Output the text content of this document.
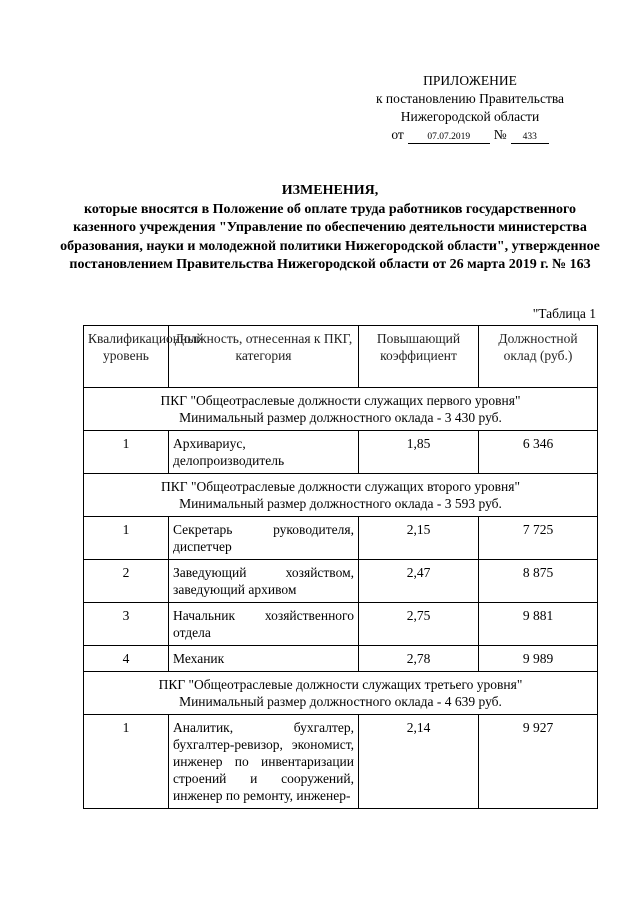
ПРИЛОЖЕНИЕ
к постановлению Правительства
Нижегородской области
от	07.07.2019	№	433
ИЗМЕНЕНИЯ,
которые вносятся в Положение об оплате труда работников государственного казенного учреждения "Управление по обеспечению деятельности министерства образования, науки и молодежной политики Нижегородской области", утвержденное постановлением Правительства Нижегородской области от 26 марта 2019 г. № 163
"Таблица 1
Квалификационный уровень	Должность, отнесенная к ПКГ, категория	Повышающий коэффициент	Должностной оклад (руб.)

ПКГ "Общеотраслевые должности служащих первого уровня"
Минимальный размер должностного оклада - 3 430 руб.			

1	Архивариус, делопроизводитель	1,85	6 346

ПКГ "Общеотраслевые должности служащих второго уровня"
Минимальный размер должностного оклада - 3 593 руб.			

1	Секретарь руководителя, диспетчер	2,15	7 725
2	Заведующий хозяйством, заведующий архивом	2,47	8 875
3	Начальник хозяйственного отдела	2,75	9 881
4	Механик	2,78	9 989

ПКГ "Общеотраслевые должности служащих третьего уровня"
Минимальный размер должностного оклада - 4 639 руб.			

1	Аналитик, бухгалтер, бухгалтер-ревизор, экономист, инженер по инвентаризации строений и сооружений, инженер по ремонту, инженер-	2,14	9 927
